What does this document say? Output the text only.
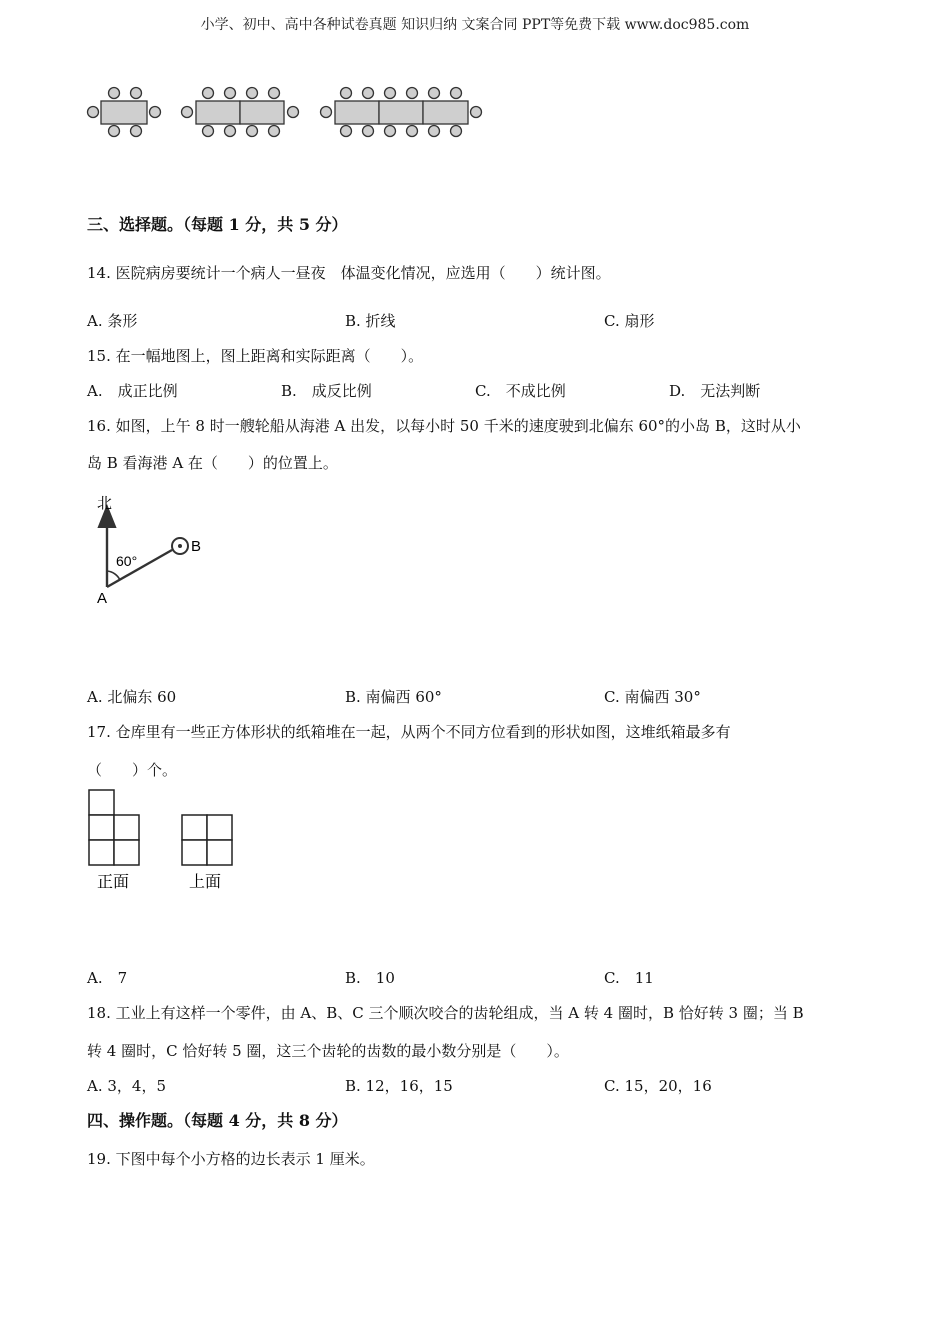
小学、初中、高中各种试卷真题 知识归纳 文案合同 PPT等免费下载 www.doc985.com
三、选择题。（每题 1 分，共 5 分）
14. 医院病房要统计一个病人一昼夜　体温变化情况，应选用（　　）统计图。
A. 条形	B. 折线	C. 扇形
15. 在一幅地图上，图上距离和实际距离（　　）。
A.　成正比例	B.　成反比例	C.　不成比例	D.　无法判断
16. 如图，上午 8 时一艘轮船从海港 A 出发，以每小时 50 千米的速度驶到北偏东 60°的小岛 B，这时从小
岛 B 看海港 A 在（　　）的位置上。
北
60°
A
B
A. 北偏东 60	B. 南偏西 60°	C. 南偏西 30°
17. 仓库里有一些正方体形状的纸箱堆在一起，从两个不同方位看到的形状如图，这堆纸箱最多有
（　　）个。
正面	上面
A.　7	B.　10	C.　11
18. 工业上有这样一个零件，由 A、B、C 三个顺次咬合的齿轮组成，当 A 转 4 圈时，B 恰好转 3 圈；当 B
转 4 圈时，C 恰好转 5 圈，这三个齿轮的齿数的最小数分别是（　　）。
A. 3，4，5	B. 12，16，15	C. 15，20，16
四、操作题。（每题 4 分，共 8 分）
19. 下图中每个小方格的边长表示 1 厘米。
